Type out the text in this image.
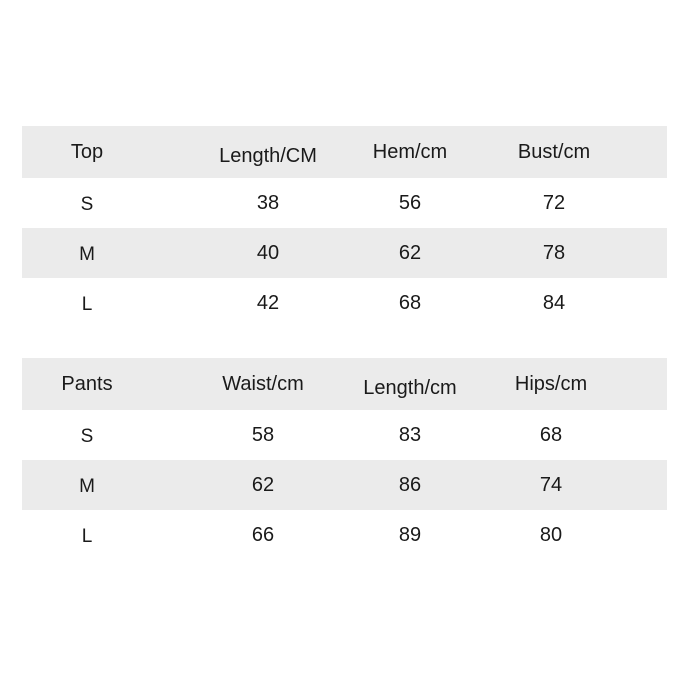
Top	Length/CM	Hem/cm	Bust/cm
S	38	56	72
M	40	62	78
L	42	68	84
Pants	Waist/cm	Length/cm	Hips/cm
S	58	83	68
M	62	86	74
L	66	89	80
